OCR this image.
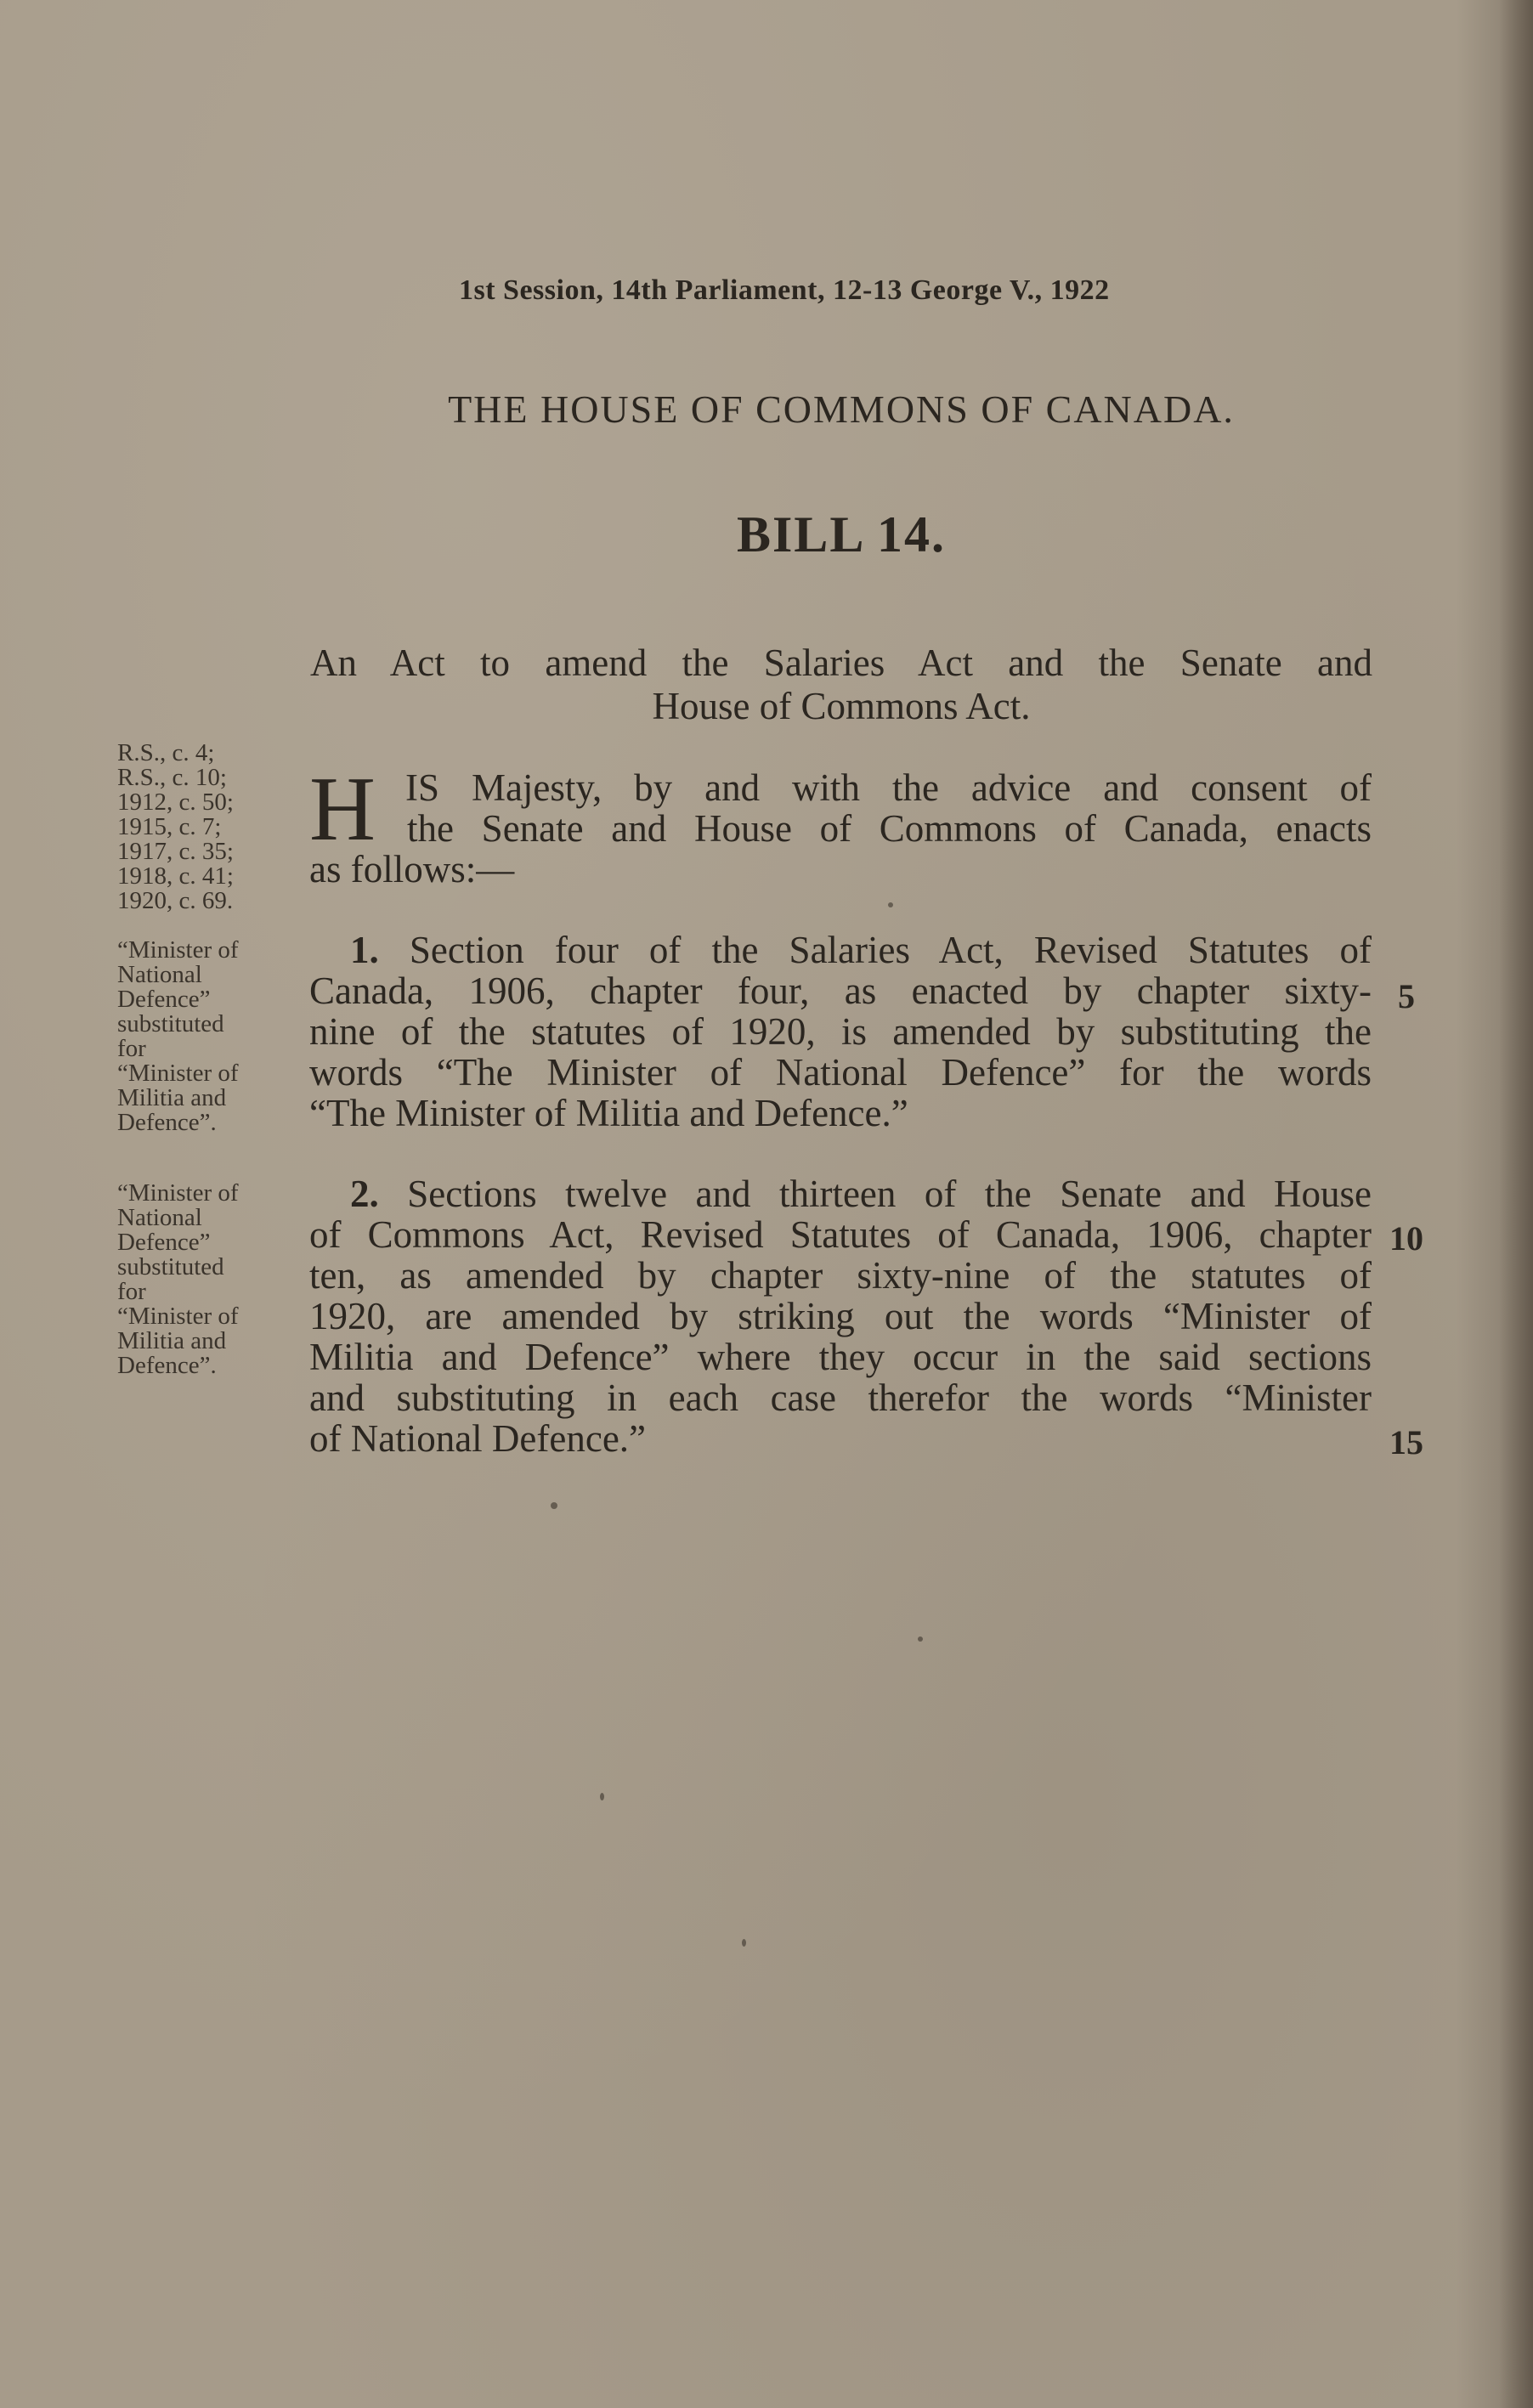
1st Session, 14th Parliament, 12-13 George V., 1922
THE HOUSE OF COMMONS OF CANADA.
BILL 14.
An Act to amend the Salaries Act and the Senate and
House of Commons Act.
R.S., c. 4;
R.S., c. 10;
1912, c. 50;
1915, c. 7;
1917, c. 35;
1918, c. 41;
1920, c. 69.
“Minister of
National
Defence”
substituted
for
“Minister of
Militia and
Defence”.
“Minister of
National
Defence”
substituted
for
“Minister of
Militia and
Defence”.
H IS Majesty, by and with the advice and consent of
the Senate and House of Commons of Canada, enacts
as follows:—
1. Section four of the Salaries Act, Revised Statutes of
Canada, 1906, chapter four, as enacted by chapter sixty-
nine of the statutes of 1920, is amended by substituting the
words “The Minister of National Defence” for the words
“The Minister of Militia and Defence.”
2. Sections twelve and thirteen of the Senate and House
of Commons Act, Revised Statutes of Canada, 1906, chapter
ten, as amended by chapter sixty-nine of the statutes of
1920, are amended by striking out the words “Minister of
Militia and Defence” where they occur in the said sections
and substituting in each case therefor the words “Minister
of National Defence.”
5
10
15
